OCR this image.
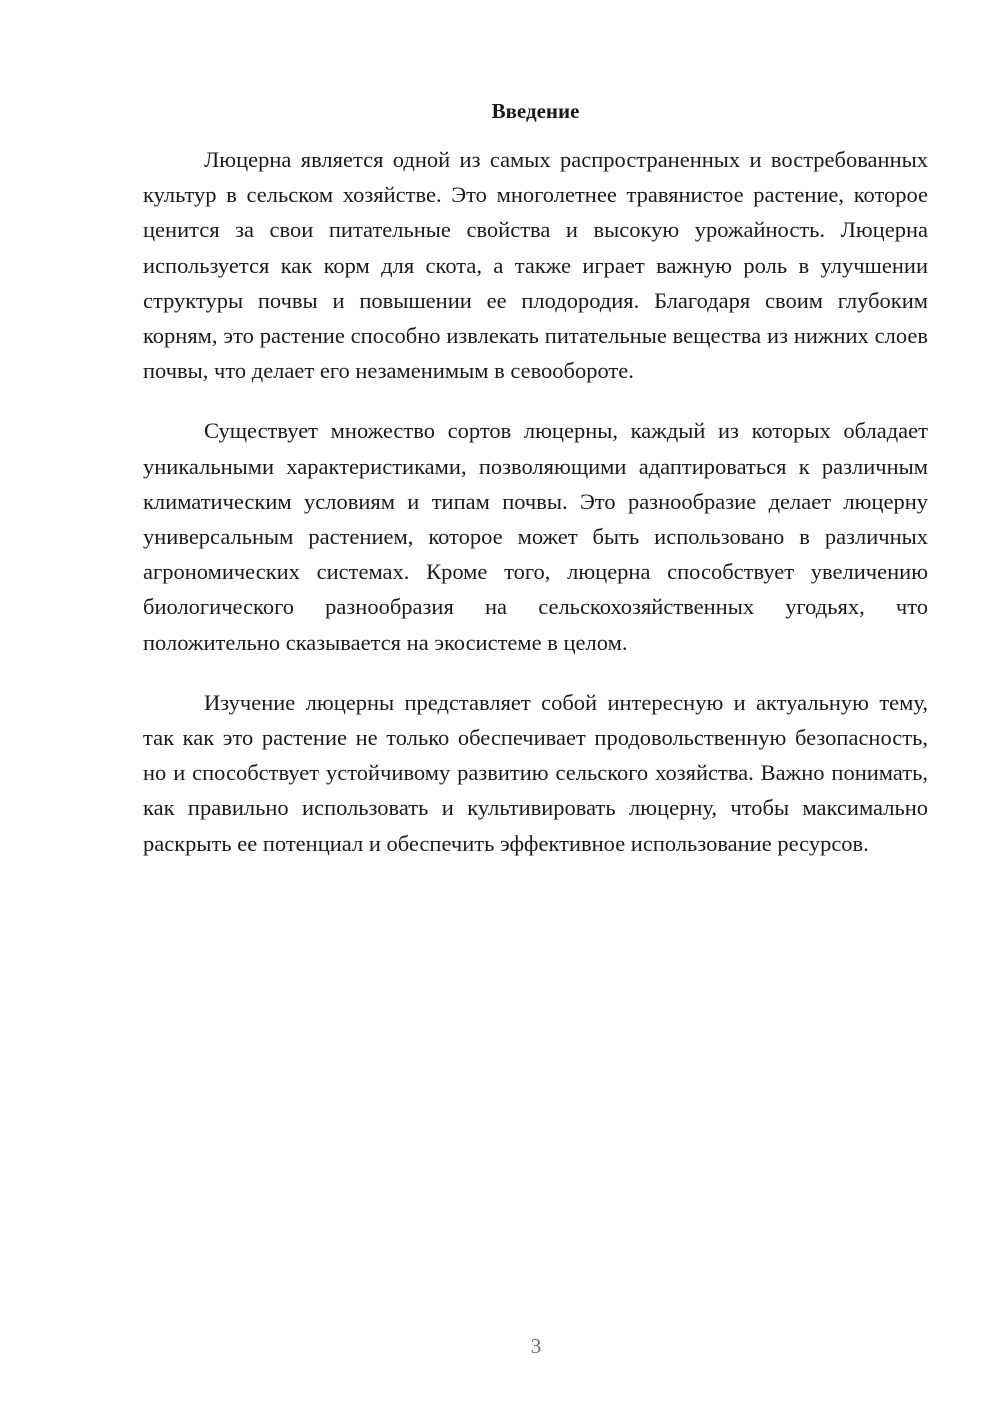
Введение

Люцерна является одной из самых распространенных и востребованных культур в сельском хозяйстве. Это многолетнее травянистое растение, которое ценится за свои питательные свойства и высокую урожайность. Люцерна используется как корм для скота, а также играет важную роль в улучшении структуры почвы и повышении ее плодородия. Благодаря своим глубоким корням, это растение способно извлекать питательные вещества из нижних слоев почвы, что делает его незаменимым в севообороте.

Существует множество сортов люцерны, каждый из которых обладает уникальными характеристиками, позволяющими адаптироваться к различным климатическим условиям и типам почвы. Это разнообразие делает люцерну универсальным растением, которое может быть использовано в различных агрономических системах. Кроме того, люцерна способствует увеличению биологического разнообразия на сельскохозяйственных угодьях, что положительно сказывается на экосистеме в целом.

Изучение люцерны представляет собой интересную и актуальную тему, так как это растение не только обеспечивает продовольственную безопасность, но и способствует устойчивому развитию сельского хозяйства. Важно понимать, как правильно использовать и культивировать люцерну, чтобы максимально раскрыть ее потенциал и обеспечить эффективное использование ресурсов.

3
